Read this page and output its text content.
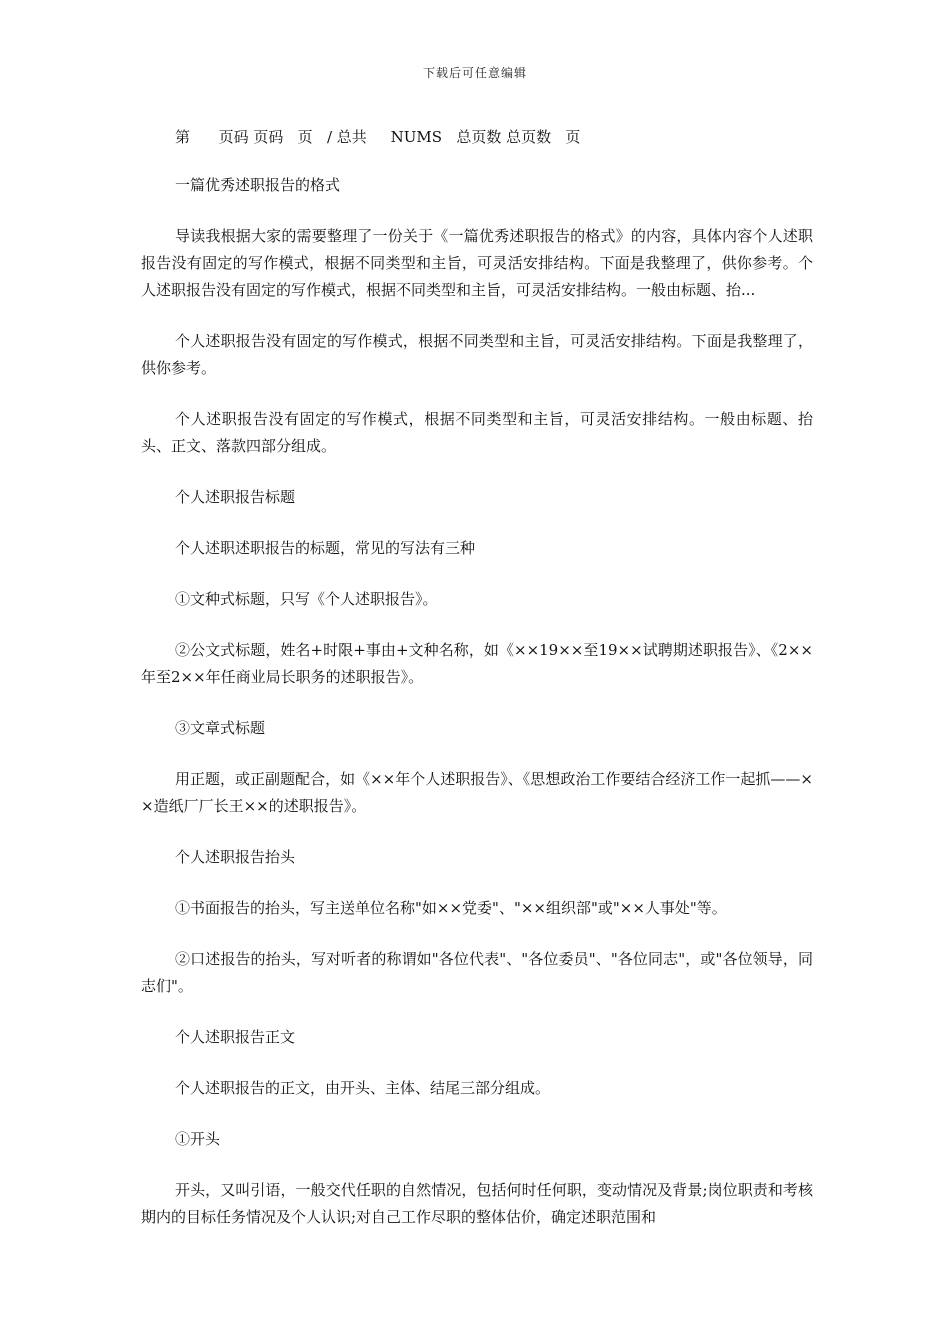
下载后可任意编辑
第      页码 页码   页   / 总共     NUMS   总页数 总页数   页

一篇优秀述职报告的格式

导读我根据大家的需要整理了一份关于《一篇优秀述职报告的格式》的内容，具体内容个人述职报告没有固定的写作模式，根据不同类型和主旨，可灵活安排结构。下面是我整理了，供你参考。个人述职报告没有固定的写作模式，根据不同类型和主旨，可灵活安排结构。一般由标题、抬...

个人述职报告没有固定的写作模式，根据不同类型和主旨，可灵活安排结构。下面是我整理了，供你参考。

个人述职报告没有固定的写作模式，根据不同类型和主旨，可灵活安排结构。一般由标题、抬头、正文、落款四部分组成。

个人述职报告标题

个人述职述职报告的标题，常见的写法有三种

①文种式标题，只写《个人述职报告》。

②公文式标题，姓名+时限+事由+文种名称，如《××19××至19××试聘期述职报告》、《2××年至2××年任商业局长职务的述职报告》。

③文章式标题

用正题，或正副题配合，如《××年个人述职报告》、《思想政治工作要结合经济工作一起抓——××造纸厂厂长王××的述职报告》。

个人述职报告抬头

①书面报告的抬头，写主送单位名称"如××党委"、"××组织部"或"××人事处"等。

②口述报告的抬头，写对听者的称谓如"各位代表"、"各位委员"、"各位同志"，或"各位领导，同志们"。

个人述职报告正文

个人述职报告的正文，由开头、主体、结尾三部分组成。

①开头

开头，又叫引语，一般交代任职的自然情况，包括何时任何职，变动情况及背景;岗位职责和考核期内的目标任务情况及个人认识;对自己工作尽职的整体估价，确定述职范围和
